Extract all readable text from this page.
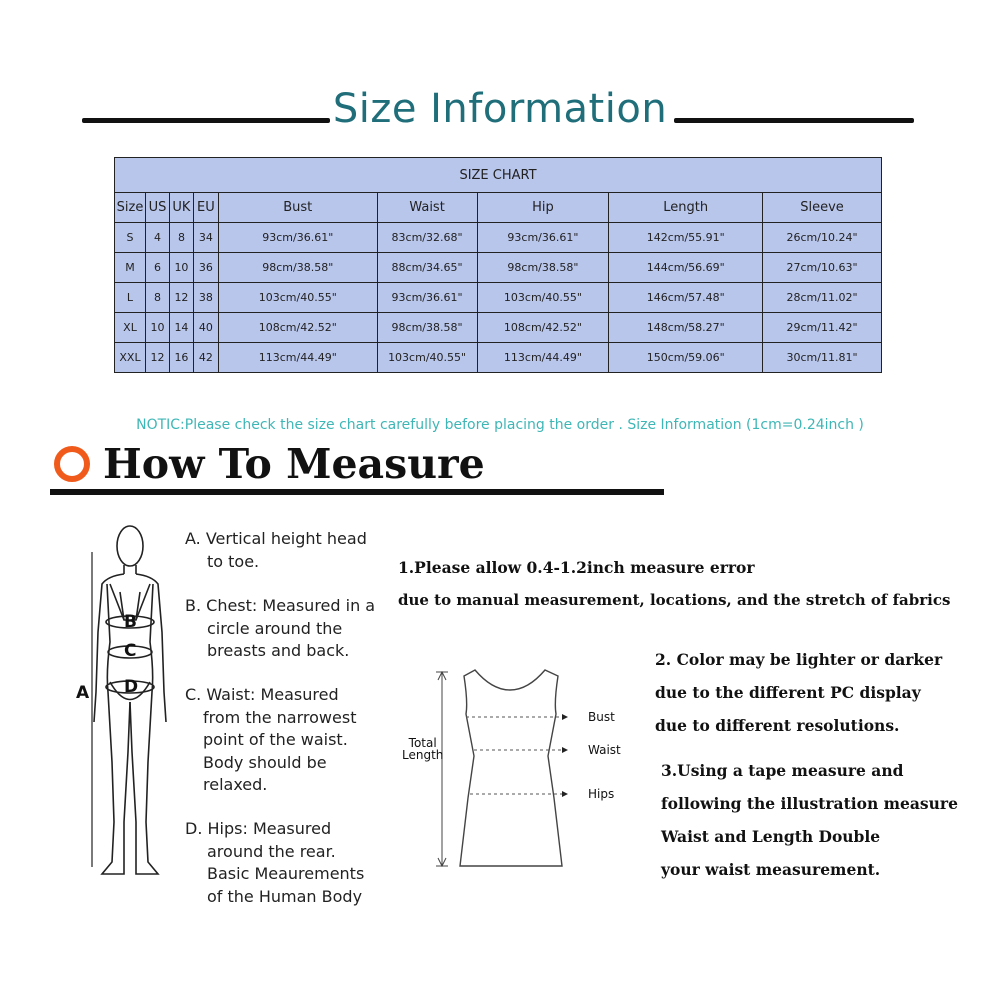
Size Information
SIZE CHART								
Size	US	UK	EU	Bust	Waist	Hip	Length	Sleeve
S	4	8	34	93cm/36.61"	83cm/32.68"	93cm/36.61"	142cm/55.91"	26cm/10.24"
M	6	10	36	98cm/38.58"	88cm/34.65"	98cm/38.58"	144cm/56.69"	27cm/10.63"
L	8	12	38	103cm/40.55"	93cm/36.61"	103cm/40.55"	146cm/57.48"	28cm/11.02"
XL	10	14	40	108cm/42.52"	98cm/38.58"	108cm/42.52"	148cm/58.27"	29cm/11.42"
XXL	12	16	42	113cm/44.49"	103cm/40.55"	113cm/44.49"	150cm/59.06"	30cm/11.81"
NOTIC:Please check the size chart carefully before placing the order . Size Information (1cm=0.24inch )
How To Measure
A
B
C
D
A. Vertical height head
to toe.
B. Chest: Measured in a
circle around the
breasts and back.
C. Waist: Measured
from the narrowest
point of the waist.
Body should be
relaxed.
D. Hips: Measured
around the rear.
Basic Meaurements
of the Human Body
1.Please allow 0.4-1.2inch measure error
due to manual measurement, locations, and the stretch of fabrics
2. Color may be lighter or darker
due to the different PC display
due to different resolutions.
3.Using a tape measure and
following the illustration measure
Waist and Length Double
your waist measurement.
Total
Length
Bust
Waist
Hips
